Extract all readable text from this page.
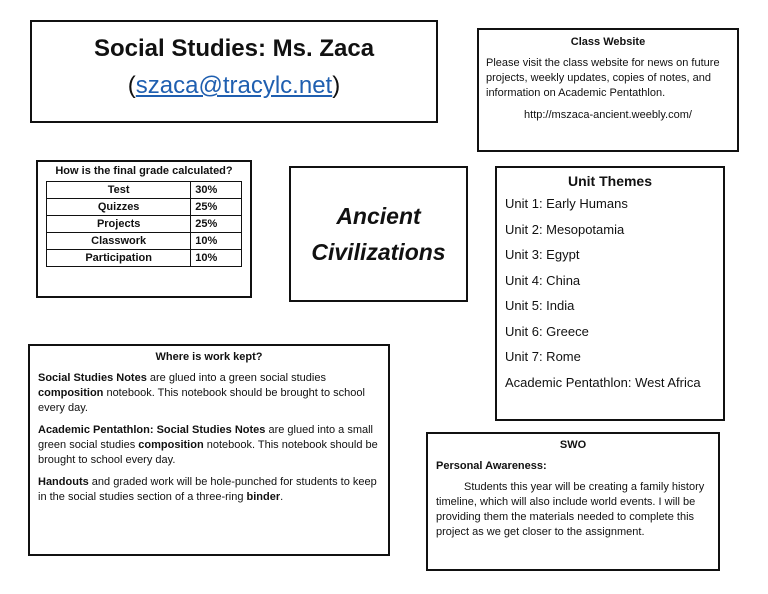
Social Studies: Ms. Zaca
(szaca@tracylc.net)
Class Website
Please visit the class website for news on future projects, weekly updates, copies of notes, and information on Academic Pentathlon.
http://mszaca-ancient.weebly.com/
How is the final grade calculated?
Test	30%
Quizzes	25%
Projects	25%
Classwork	10%
Participation	10%
Ancient
Civilizations
Unit Themes
Unit 1: Early Humans
Unit 2: Mesopotamia
Unit 3: Egypt
Unit 4: China
Unit 5: India
Unit 6: Greece
Unit 7: Rome
Academic Pentathlon: West Africa
Where is work kept?

Social Studies Notes are glued into a green social studies composition notebook. This notebook should be brought to school every day.

Academic Pentathlon: Social Studies Notes are glued into a small green social studies composition notebook. This notebook should be brought to school every day.

Handouts and graded work will be hole-punched for students to keep in the social studies section of a three-ring binder.

SWO
Personal Awareness:
Students this year will be creating a family history timeline, which will also include world events. I will be providing them the materials needed to complete this project as we get closer to the assignment.
